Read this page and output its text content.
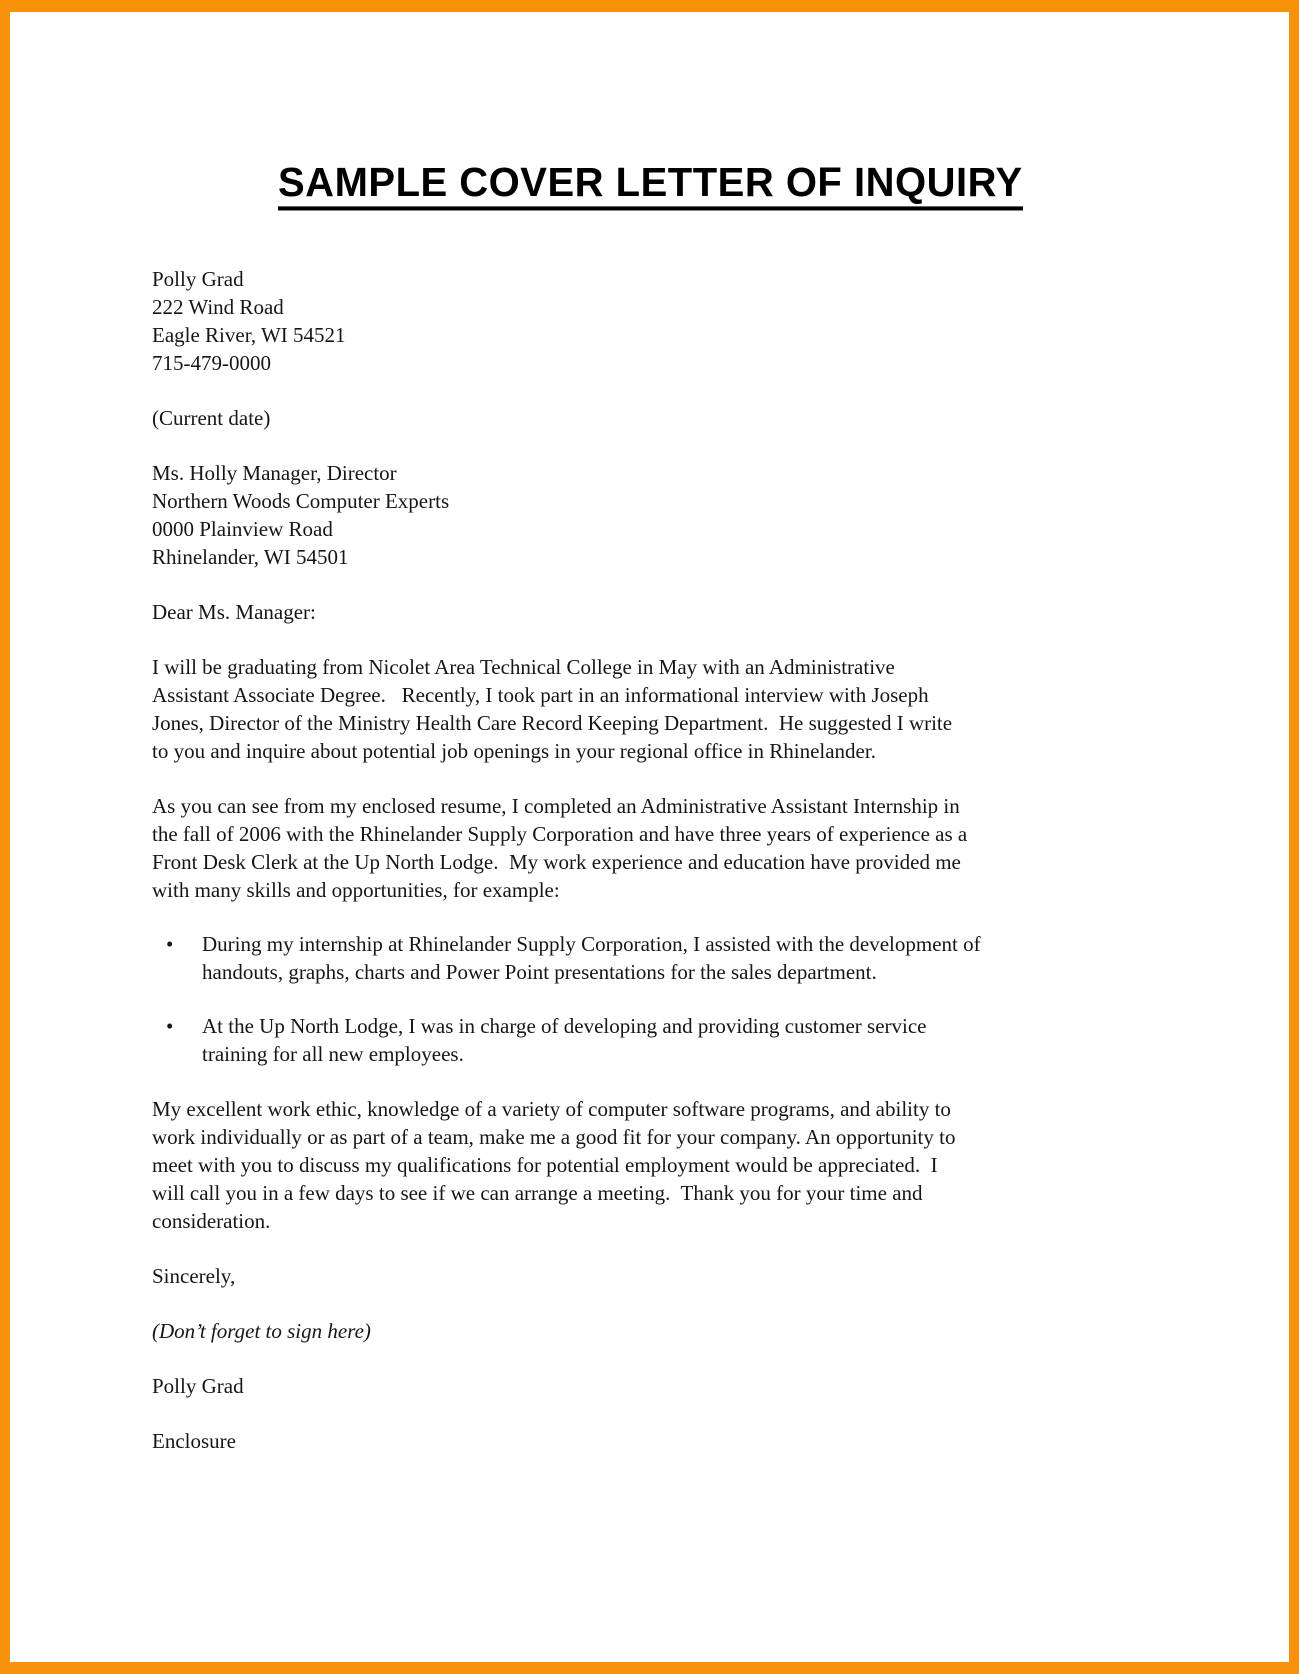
SAMPLE COVER LETTER OF INQUIRY
Polly Grad
222 Wind Road
Eagle River, WI 54521
715-479-0000
(Current date)
Ms. Holly Manager, Director
Northern Woods Computer Experts
0000 Plainview Road
Rhinelander, WI 54501
Dear Ms. Manager:
I will be graduating from Nicolet Area Technical College in May with an Administrative
Assistant Associate Degree.   Recently, I took part in an informational interview with Joseph
Jones, Director of the Ministry Health Care Record Keeping Department.  He suggested I write
to you and inquire about potential job openings in your regional office in Rhinelander.
As you can see from my enclosed resume, I completed an Administrative Assistant Internship in
the fall of 2006 with the Rhinelander Supply Corporation and have three years of experience as a
Front Desk Clerk at the Up North Lodge.  My work experience and education have provided me
with many skills and opportunities, for example:
•	During my internship at Rhinelander Supply Corporation, I assisted with the development of
handouts, graphs, charts and Power Point presentations for the sales department.
•	At the Up North Lodge, I was in charge of developing and providing customer service
training for all new employees.
My excellent work ethic, knowledge of a variety of computer software programs, and ability to
work individually or as part of a team, make me a good fit for your company. An opportunity to
meet with you to discuss my qualifications for potential employment would be appreciated.  I
will call you in a few days to see if we can arrange a meeting.  Thank you for your time and
consideration.
Sincerely,
(Don’t forget to sign here)
Polly Grad
Enclosure
